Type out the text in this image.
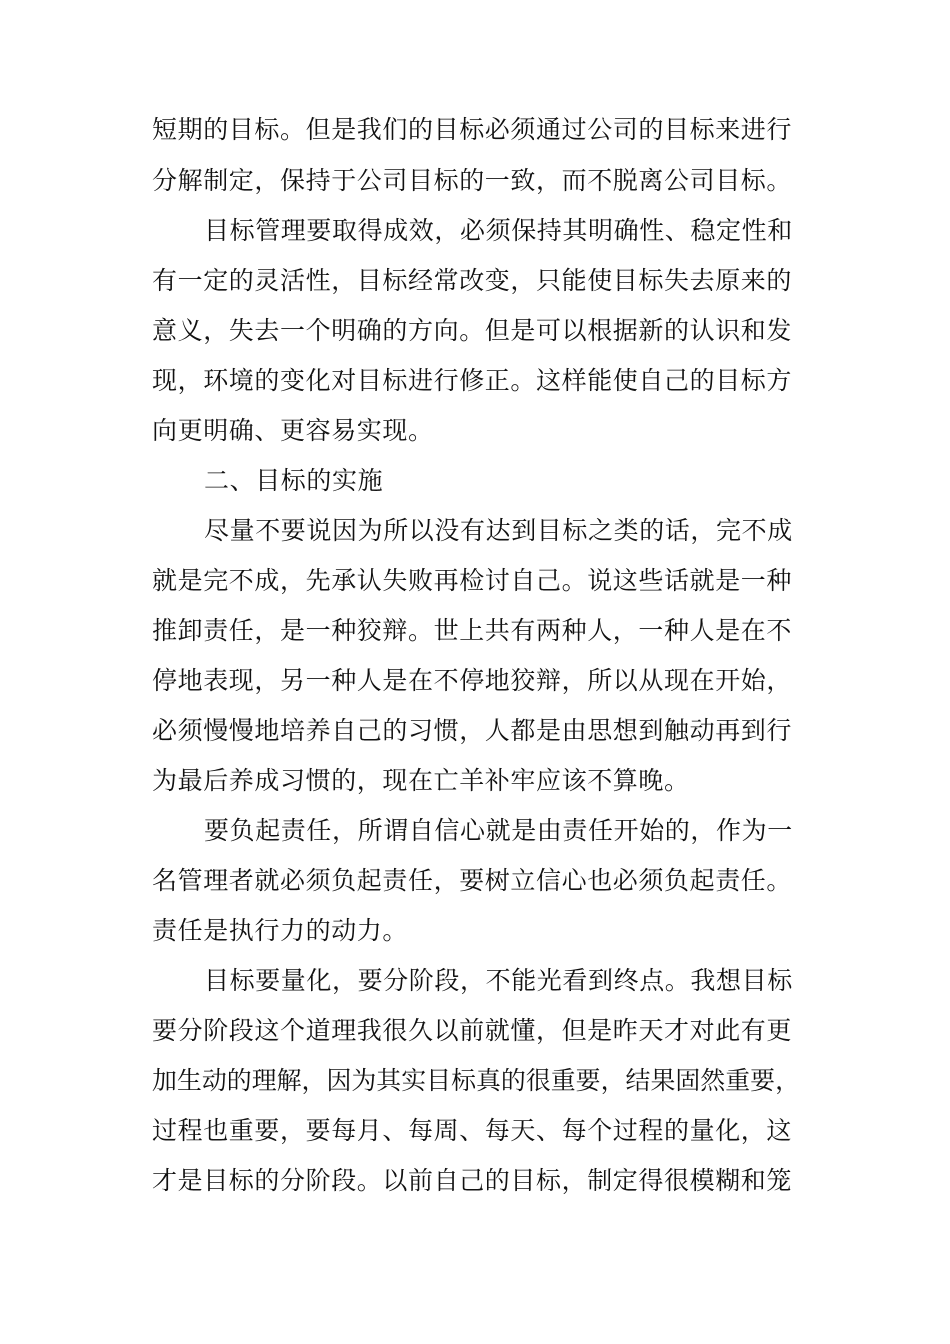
短期的目标。但是我们的目标必须通过公司的目标来进行
分解制定，保持于公司目标的一致，而不脱离公司目标。
目标管理要取得成效，必须保持其明确性、稳定性和
有一定的灵活性，目标经常改变，只能使目标失去原来的
意义，失去一个明确的方向。但是可以根据新的认识和发
现，环境的变化对目标进行修正。这样能使自己的目标方
向更明确、更容易实现。
二、目标的实施
尽量不要说因为所以没有达到目标之类的话，完不成
就是完不成，先承认失败再检讨自己。说这些话就是一种
推卸责任，是一种狡辩。世上共有两种人，一种人是在不
停地表现，另一种人是在不停地狡辩，所以从现在开始，
必须慢慢地培养自己的习惯，人都是由思想到触动再到行
为最后养成习惯的，现在亡羊补牢应该不算晚。
要负起责任，所谓自信心就是由责任开始的，作为一
名管理者就必须负起责任，要树立信心也必须负起责任。
责任是执行力的动力。
目标要量化，要分阶段，不能光看到终点。我想目标
要分阶段这个道理我很久以前就懂，但是昨天才对此有更
加生动的理解，因为其实目标真的很重要，结果固然重要，
过程也重要，要每月、每周、每天、每个过程的量化，这
才是目标的分阶段。以前自己的目标，制定得很模糊和笼
